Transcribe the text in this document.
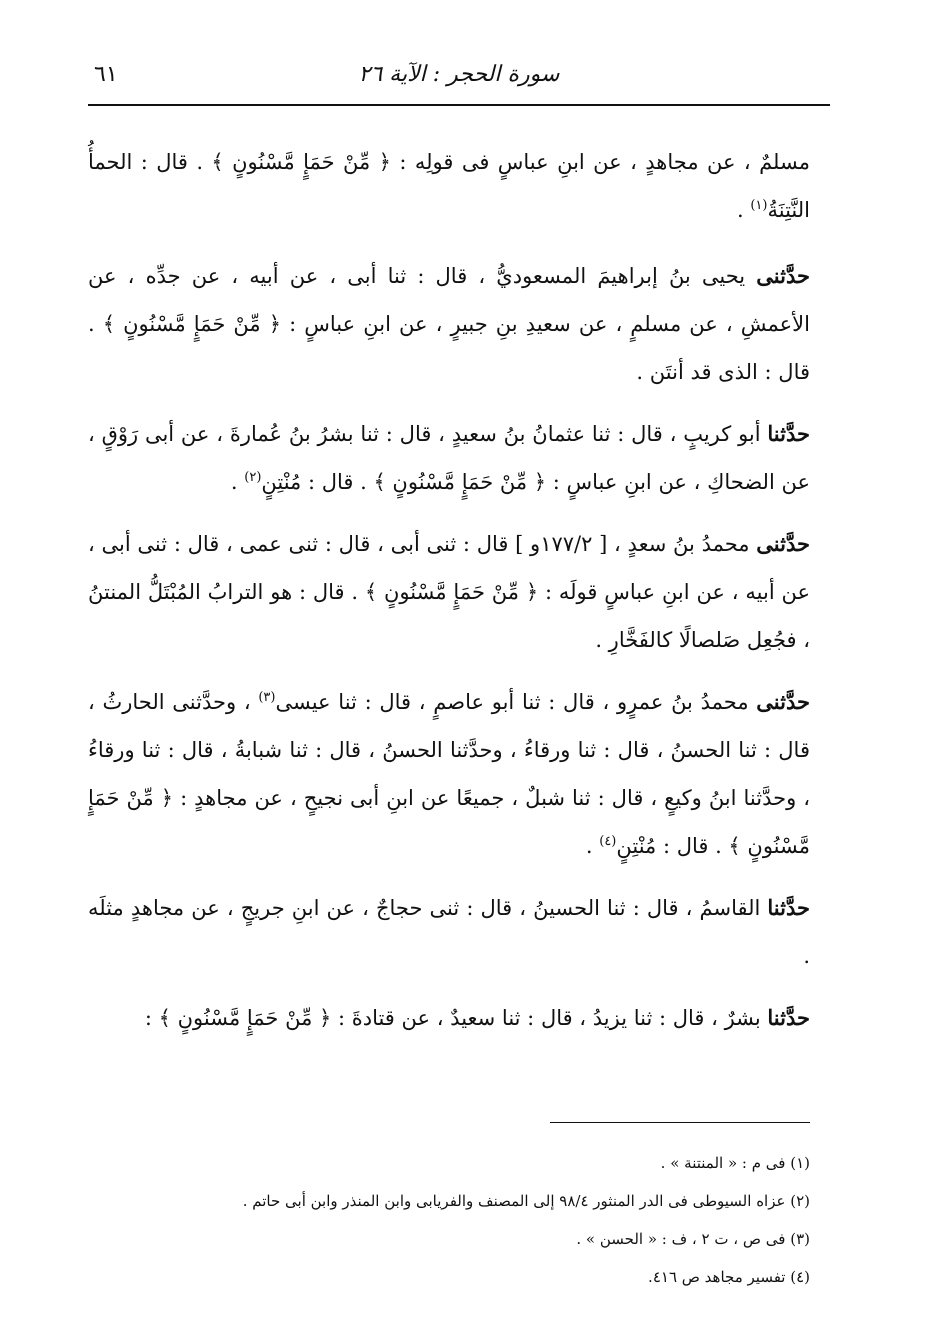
٦١	سورة الحجر : الآية ٢٦

مسلمٌ ، عن مجاهدٍ ، عن ابنِ عباسٍ فى قولِه : ﴿ مِّنْ حَمَإٍ مَّسْنُونٍ ﴾ . قال : الحمأُ النَّتِنَةُ$^{(١)}$ .

حدَّثنى يحيى بنُ إبراهيمَ المسعوديُّ ، قال : ثنا أبى ، عن أبيه ، عن جدِّه ، عن الأعمشِ ، عن مسلمٍ ، عن سعيدِ بنِ جبيرٍ ، عن ابنِ عباسٍ : ﴿ مِّنْ حَمَإٍ مَّسْنُونٍ ﴾ . قال : الذى قد أنتَن .

حدَّثنا أبو كريبٍ ، قال : ثنا عثمانُ بنُ سعيدٍ ، قال : ثنا بشرُ بنُ عُمارةَ ، عن أبى رَوْقٍ ، عن الضحاكِ ، عن ابنِ عباسٍ : ﴿ مِّنْ حَمَإٍ مَّسْنُونٍ ﴾ . قال : مُنْتِنٍ$^{(٢)}$ .

حدَّثنى محمدُ بنُ سعدٍ ، [ ١٧٧/٢و ] قال : ثنى أبى ، قال : ثنى عمى ، قال : ثنى أبى ، عن أبيه ، عن ابنِ عباسٍ قولَه : ﴿ مِّنْ حَمَإٍ مَّسْنُونٍ ﴾ . قال : هو الترابُ المُبْتَلُّ المنتنُ ، فجُعِل صَلصالًا كالفَخَّارِ .

حدَّثنى محمدُ بنُ عمرٍو ، قال : ثنا أبو عاصمٍ ، قال : ثنا عيسى$^{(٣)}$ ، وحدَّثنى الحارثُ ، قال : ثنا الحسنُ ، قال : ثنا ورقاءُ ، وحدَّثنا الحسنُ ، قال : ثنا شبابةُ ، قال : ثنا ورقاءُ ، وحدَّثنا ابنُ وكيعٍ ، قال : ثنا شبلٌ ، جميعًا عن ابنِ أبى نجيحٍ ، عن مجاهدٍ : ﴿ مِّنْ حَمَإٍ مَّسْنُونٍ ﴾ . قال : مُنْتِنٍ$^{(٤)}$ .

حدَّثنا القاسمُ ، قال : ثنا الحسينُ ، قال : ثنى حجاجٌ ، عن ابنِ جريجٍ ، عن مجاهدٍ مثلَه .

حدَّثنا بشرٌ ، قال : ثنا يزيدُ ، قال : ثنا سعيدٌ ، عن قتادةَ : ﴿ مِّنْ حَمَإٍ مَّسْنُونٍ ﴾ :

(١) فى م : « المنتنة » .

(٢) عزاه السيوطى فى الدر المنثور ٩٨/٤ إلى المصنف والفريابى وابن المنذر وابن أبى حاتم .

(٣) فى ص ، ت ٢ ، ف : « الحسن » .

(٤) تفسير مجاهد ص ٤١٦.
